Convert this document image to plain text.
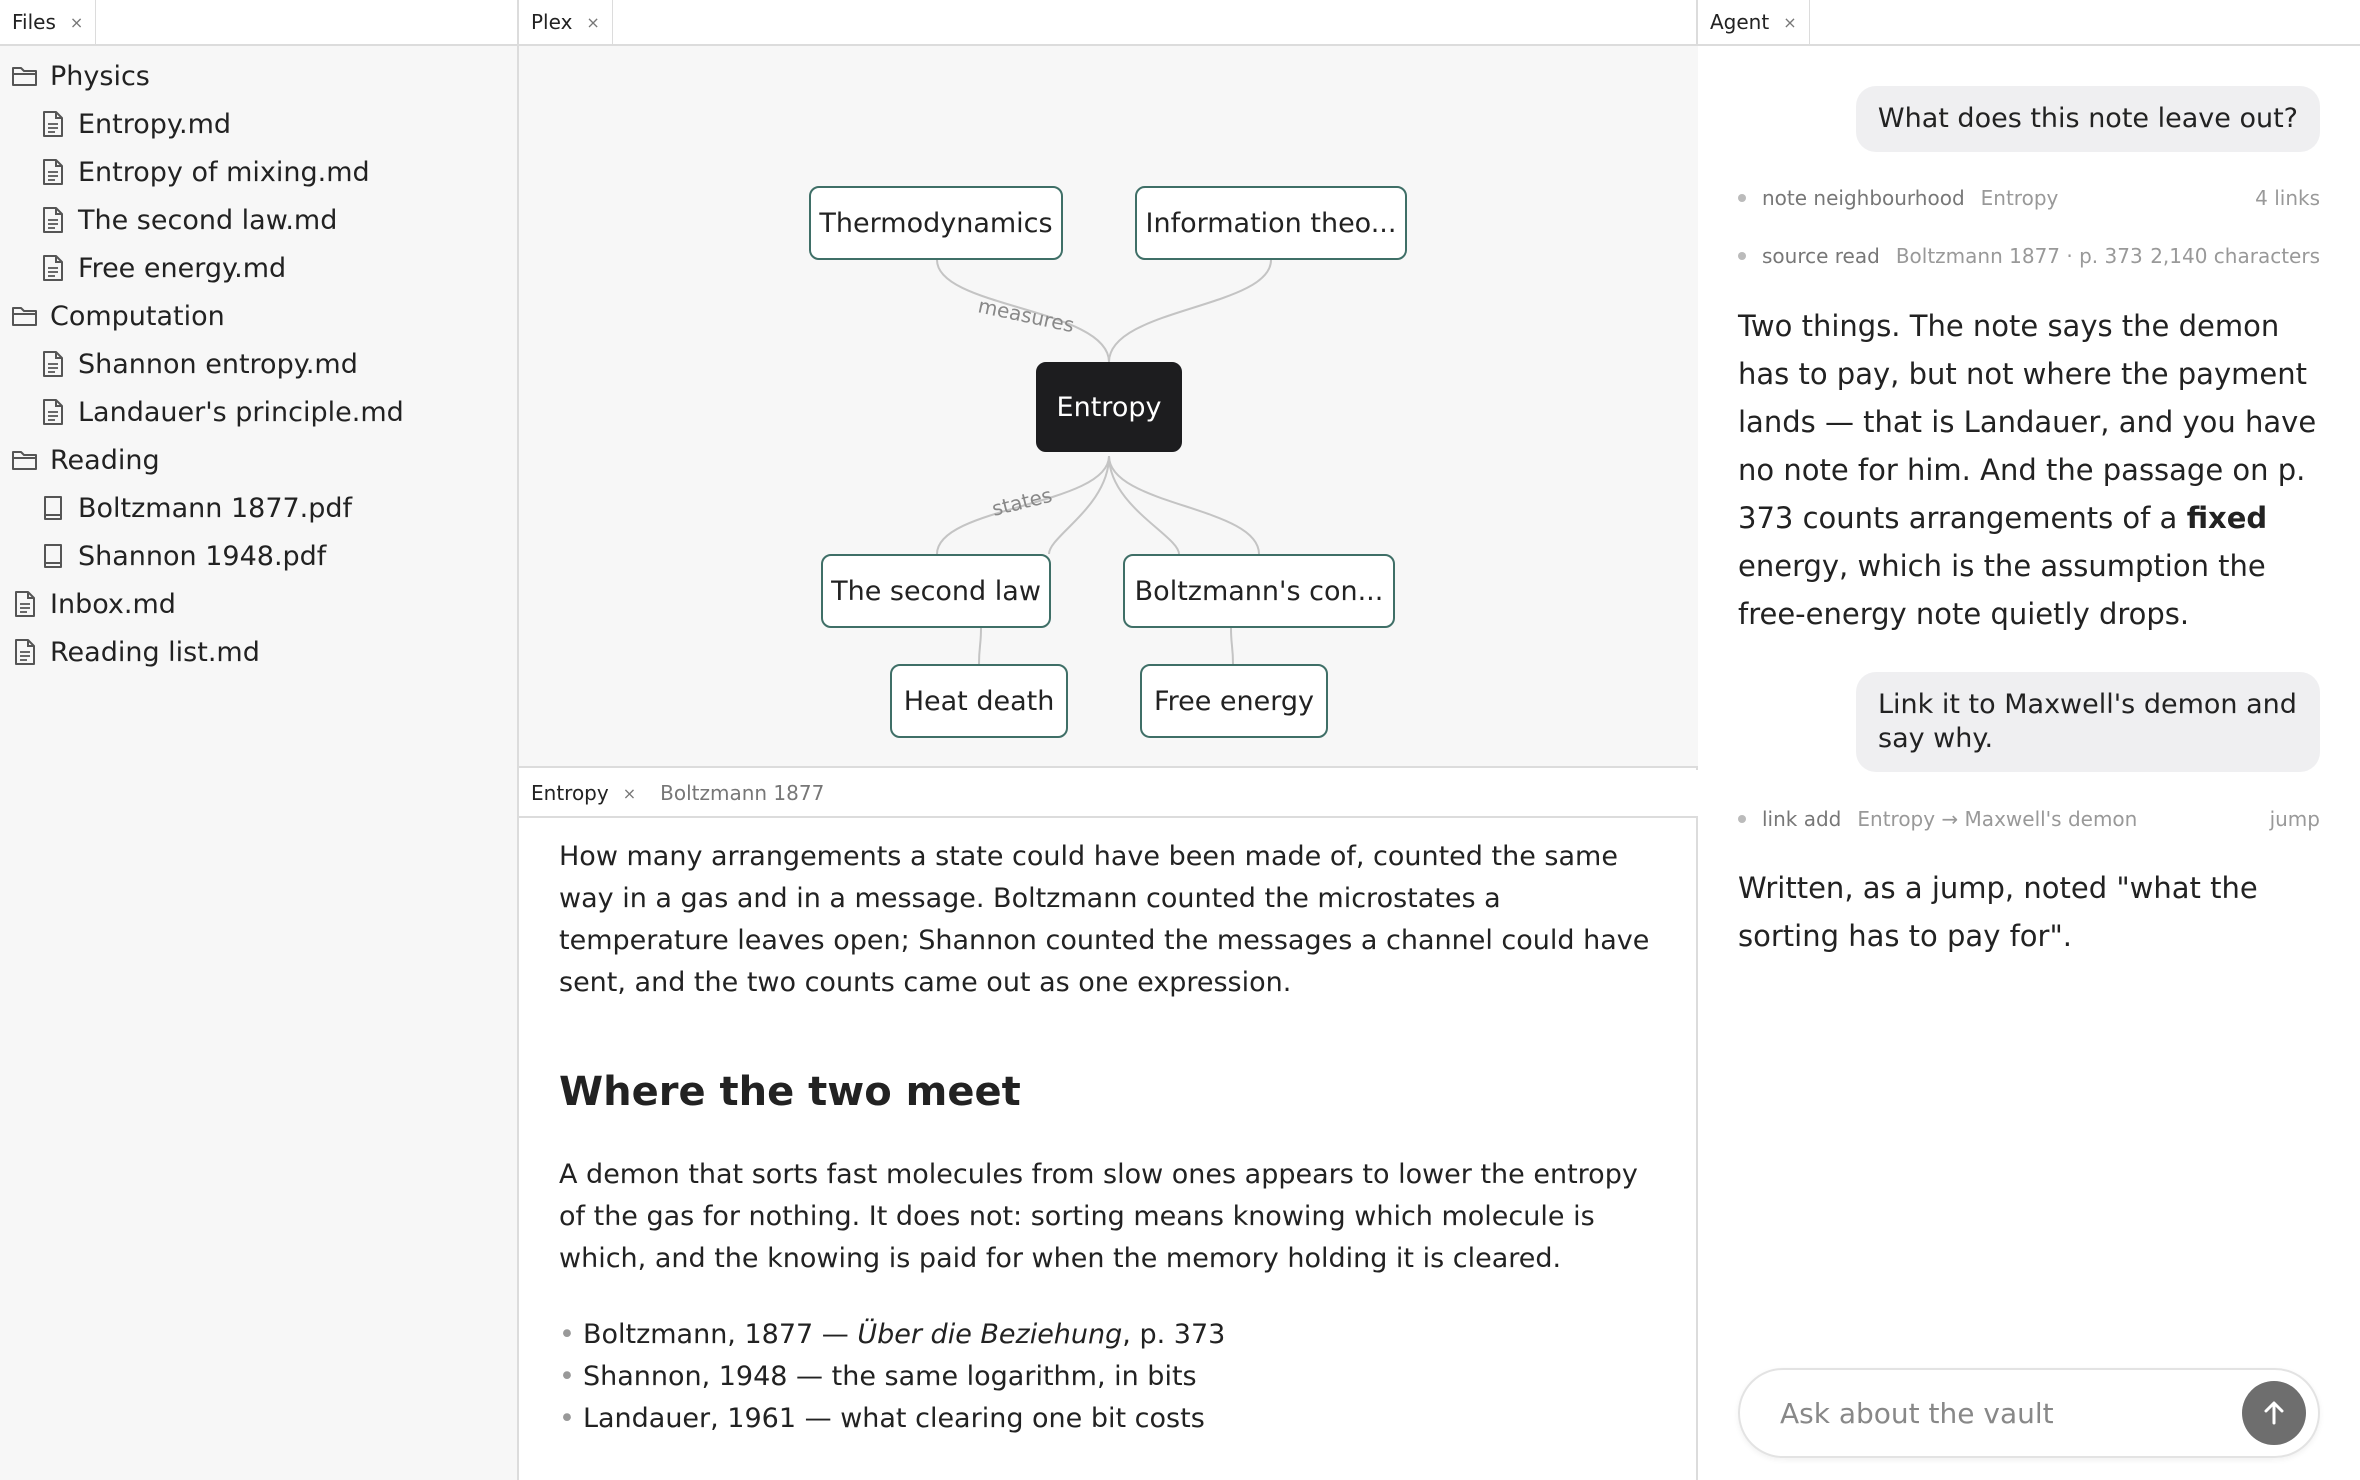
Files
×
Physics
Entropy.md
Entropy of mixing.md
The second law.md
Free energy.md
Computation
Shannon entropy.md
Landauer's principle.md
Reading
Boltzmann 1877.pdf
Shannon 1948.pdf
Inbox.md
Reading list.md
Plex
×
measures
states
Thermodynamics	Information theo...
Entropy
The second law	Boltzmann's con...
Heat death	Free energy
Entropy
×	Boltzmann 1877

How many arrangements a state could have been made of, counted the same way in a gas and in a message. Boltzmann counted the microstates a temperature leaves open; Shannon counted the messages a channel could have sent, and the two counts came out as one expression.

Where the two meet

A demon that sorts fast molecules from slow ones appears to lower the entropy of the gas for nothing. It does not: sorting means knowing which molecule is which, and the knowing is paid for when the memory holding it is cleared.

• Boltzmann, 1877 — Über die Beziehung, p. 373
• Shannon, 1948 — the same logarithm, in bits
• Landauer, 1961 — what clearing one bit costs
Agent
×
What does this note leave out?
note neighbourhood Entropy	4 links
source read Boltzmann 1877 · p. 373 2,140 characters
Two things. The note says the demon has to pay, but not where the payment lands — that is Landauer, and you have no note for him. And the passage on p. 373 counts arrangements of a fixed energy, which is the assumption the free-energy note quietly drops.
Link it to Maxwell's demon and say why.
link add Entropy → Maxwell's demon	jump
Written, as a jump, noted "what the sorting has to pay for".
Ask about the vault
